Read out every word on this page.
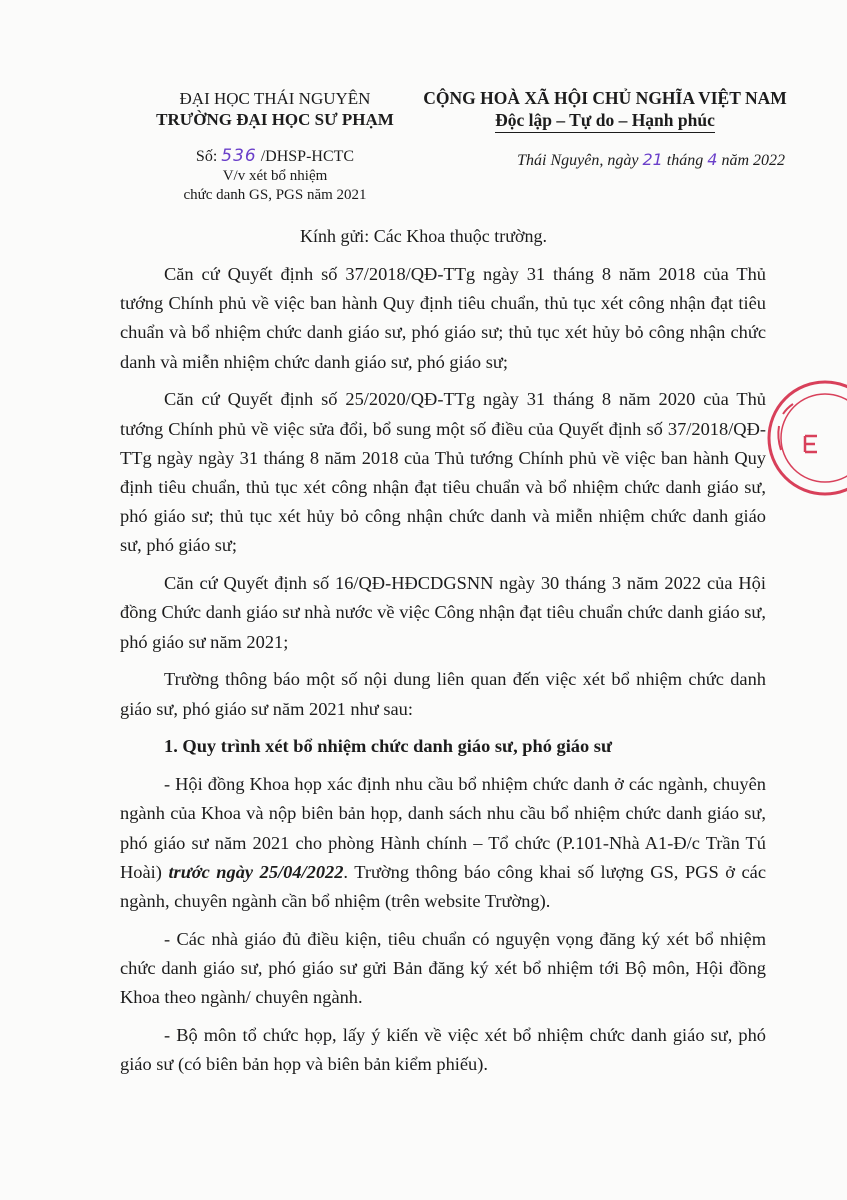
ĐẠI HỌC THÁI NGUYÊN
TRƯỜNG ĐẠI HỌC SƯ PHẠM
Số: 536 /DHSP-HCTC
V/v xét bổ nhiệm
chức danh GS, PGS năm 2021
CỘNG HOÀ XÃ HỘI CHỦ NGHĨA VIỆT NAM
Độc lập – Tự do – Hạnh phúc
Thái Nguyên, ngày 21 tháng 4 năm 2022
Kính gửi: Các Khoa thuộc trường.

Căn cứ Quyết định số 37/2018/QĐ-TTg ngày 31 tháng 8 năm 2018 của Thủ tướng Chính phủ về việc ban hành Quy định tiêu chuẩn, thủ tục xét công nhận đạt tiêu chuẩn và bổ nhiệm chức danh giáo sư, phó giáo sư; thủ tục xét hủy bỏ công nhận chức danh và miễn nhiệm chức danh giáo sư, phó giáo sư;

Căn cứ Quyết định số 25/2020/QĐ-TTg ngày 31 tháng 8 năm 2020 của Thủ tướng Chính phủ về việc sửa đổi, bổ sung một số điều của Quyết định số 37/2018/QĐ-TTg ngày ngày 31 tháng 8 năm 2018 của Thủ tướng Chính phủ về việc ban hành Quy định tiêu chuẩn, thủ tục xét công nhận đạt tiêu chuẩn và bổ nhiệm chức danh giáo sư, phó giáo sư; thủ tục xét hủy bỏ công nhận chức danh và miễn nhiệm chức danh giáo sư, phó giáo sư;

Căn cứ Quyết định số 16/QĐ-HĐCDGSNN ngày 30 tháng 3 năm 2022 của Hội đồng Chức danh giáo sư nhà nước về việc Công nhận đạt tiêu chuẩn chức danh giáo sư, phó giáo sư năm 2021;

Trường thông báo một số nội dung liên quan đến việc xét bổ nhiệm chức danh giáo sư, phó giáo sư năm 2021 như sau:

1. Quy trình xét bổ nhiệm chức danh giáo sư, phó giáo sư

- Hội đồng Khoa họp xác định nhu cầu bổ nhiệm chức danh ở các ngành, chuyên ngành của Khoa và nộp biên bản họp, danh sách nhu cầu bổ nhiệm chức danh giáo sư, phó giáo sư năm 2021 cho phòng Hành chính – Tổ chức (P.101-Nhà A1-Đ/c Trần Tú Hoài) trước ngày 25/04/2022. Trường thông báo công khai số lượng GS, PGS ở các ngành, chuyên ngành cần bổ nhiệm (trên website Trường).

- Các nhà giáo đủ điều kiện, tiêu chuẩn có nguyện vọng đăng ký xét bổ nhiệm chức danh giáo sư, phó giáo sư gửi Bản đăng ký xét bổ nhiệm tới Bộ môn, Hội đồng Khoa theo ngành/ chuyên ngành.

- Bộ môn tổ chức họp, lấy ý kiến về việc xét bổ nhiệm chức danh giáo sư, phó giáo sư (có biên bản họp và biên bản kiểm phiếu).
